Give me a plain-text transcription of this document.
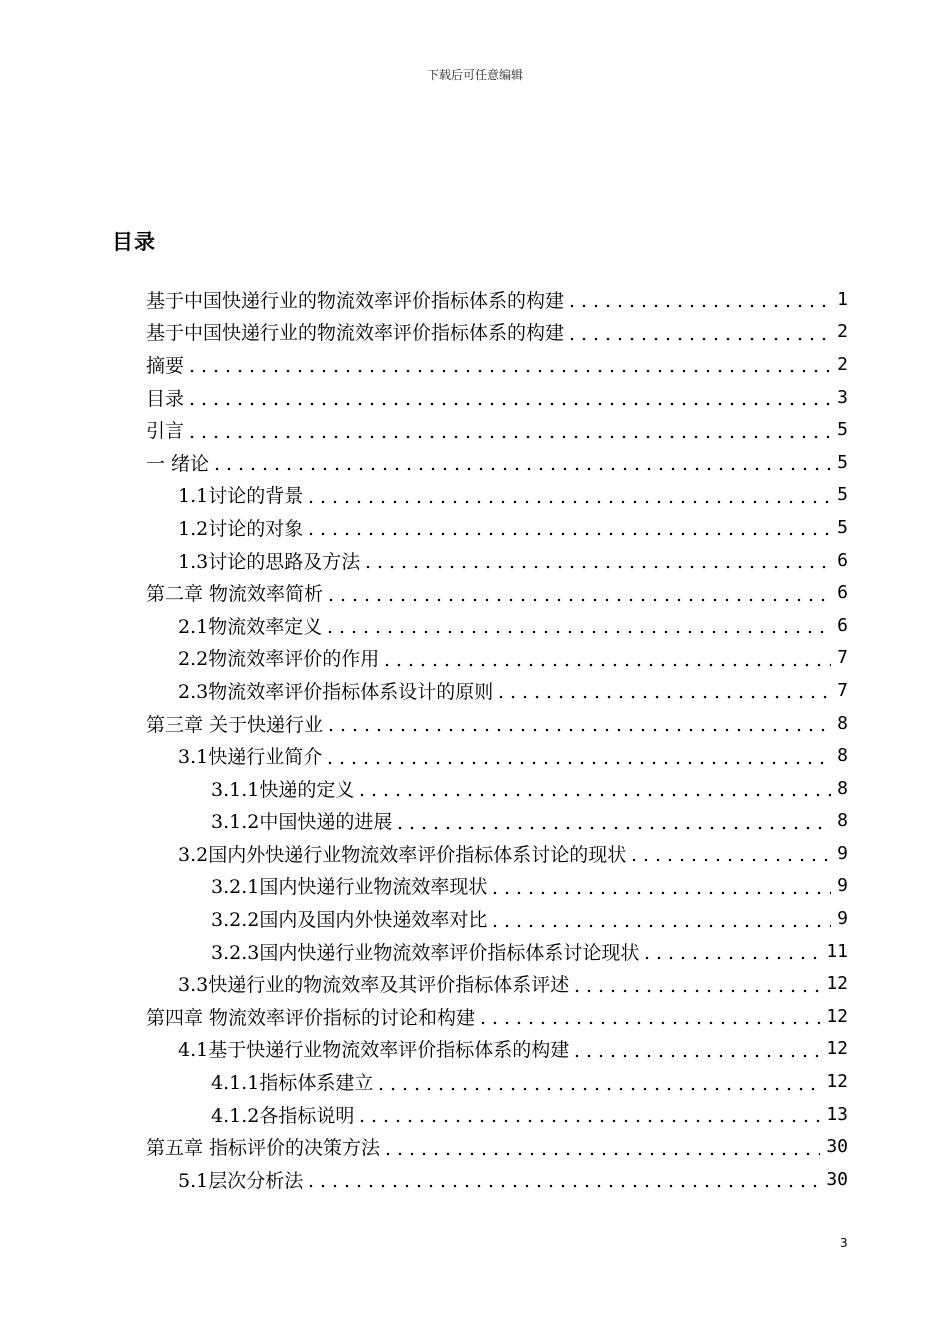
下载后可任意编辑
目录
基于中国快递行业的物流效率评价指标体系的构建	1
基于中国快递行业的物流效率评价指标体系的构建	2
摘要	2
目录	3
引言	5
一 绪论	5
1.1讨论的背景	5
1.2讨论的对象	5
1.3讨论的思路及方法	6
第二章 物流效率简析	6
2.1物流效率定义	6
2.2物流效率评价的作用	7
2.3物流效率评价指标体系设计的原则	7
第三章 关于快递行业	8
3.1快递行业简介	8
3.1.1快递的定义	8
3.1.2中国快递的进展	8
3.2国内外快递行业物流效率评价指标体系讨论的现状	9
3.2.1国内快递行业物流效率现状	9
3.2.2国内及国内外快递效率对比	9
3.2.3国内快递行业物流效率评价指标体系讨论现状	11
3.3快递行业的物流效率及其评价指标体系评述	12
第四章 物流效率评价指标的讨论和构建	12
4.1基于快递行业物流效率评价指标体系的构建	12
4.1.1指标体系建立	12
4.1.2各指标说明	13
第五章 指标评价的决策方法	30
5.1层次分析法	30
3
